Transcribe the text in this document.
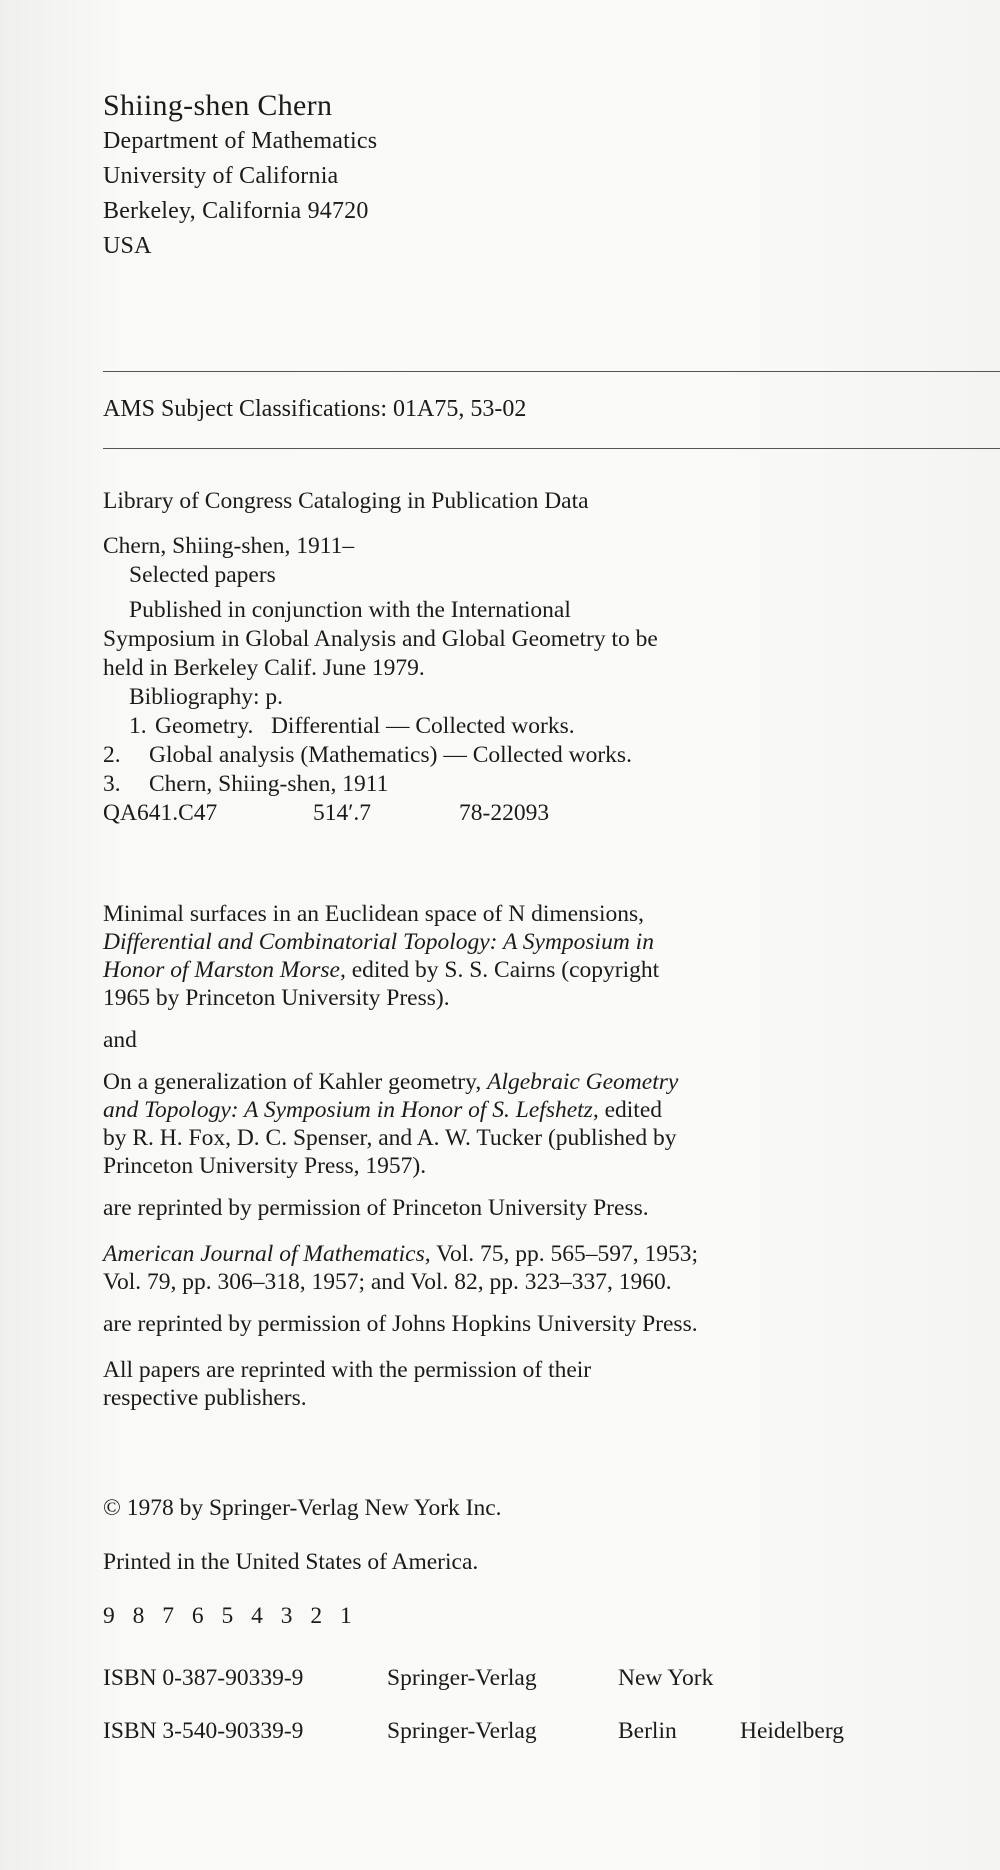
Shiing-shen Chern
Department of Mathematics
University of California
Berkeley, California 94720
USA
AMS Subject Classifications: 01A75, 53-02
Library of Congress Cataloging in Publication Data
Chern, Shiing-shen, 1911–
Selected papers
Published in conjunction with the International
Symposium in Global Analysis and Global Geometry to be
held in Berkeley Calif. June 1979.
Bibliography: p.
1. Geometry.   Differential — Collected works.
2. Global analysis (Mathematics) — Collected works.
3. Chern, Shiing-shen, 1911
QA641.C47	514′.7	78-22093
Minimal surfaces in an Euclidean space of N dimensions,
Differential and Combinatorial Topology: A Symposium in
Honor of Marston Morse, edited by S. S. Cairns (copyright
1965 by Princeton University Press).
and
On a generalization of Kahler geometry, Algebraic Geometry
and Topology: A Symposium in Honor of S. Lefshetz, edited
by R. H. Fox, D. C. Spenser, and A. W. Tucker (published by
Princeton University Press, 1957).
are reprinted by permission of Princeton University Press.
American Journal of Mathematics, Vol. 75, pp. 565–597, 1953;
Vol. 79, pp. 306–318, 1957; and Vol. 82, pp. 323–337, 1960.
are reprinted by permission of Johns Hopkins University Press.
All papers are reprinted with the permission of their
respective publishers.
© 1978 by Springer-Verlag New York Inc.
Printed in the United States of America.
9 8 7 6 5 4 3 2 1
ISBN 0-387-90339-9	Springer-Verlag	New York
ISBN 3-540-90339-9	Springer-Verlag	Berlin	Heidelberg
